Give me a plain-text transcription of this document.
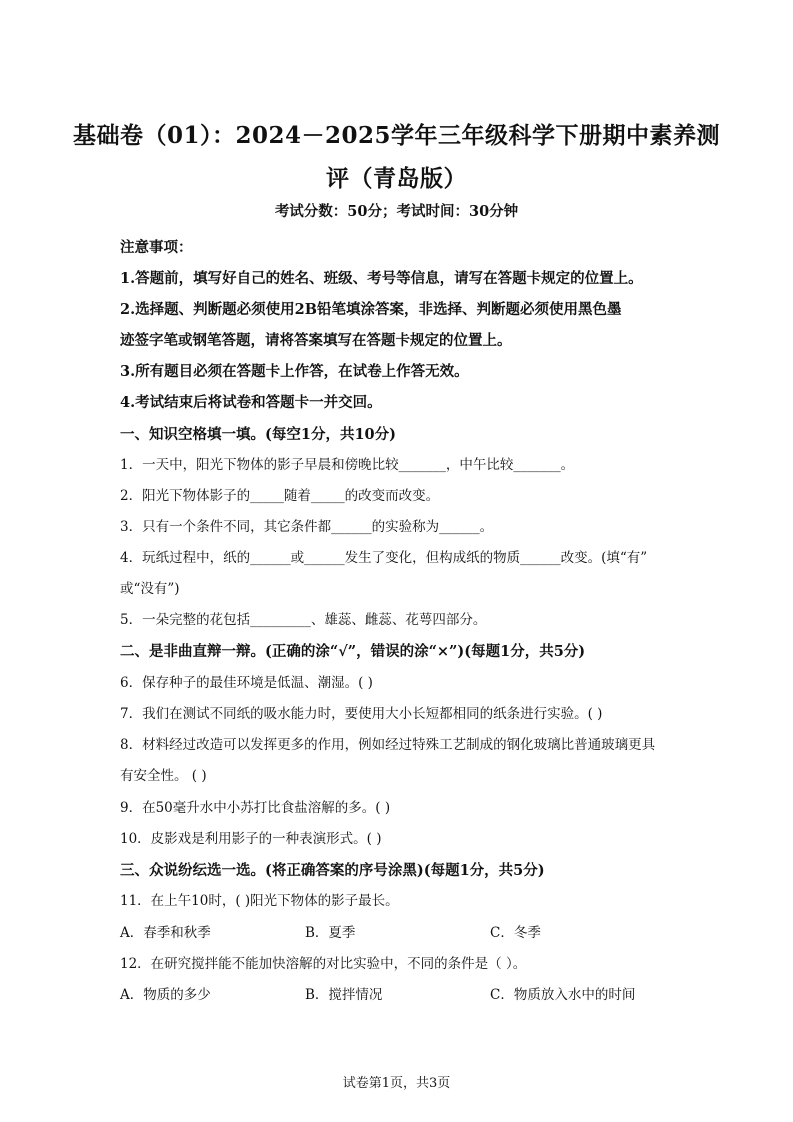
基础卷（01）：2024－2025学年三年级科学下册期中素养测
评（青岛版）
考试分数：50分；考试时间：30分钟
注意事项：
1.答题前，填写好自己的姓名、班级、考号等信息，请写在答题卡规定的位置上。
2.选择题、判断题必须使用2B铅笔填涂答案，非选择、判断题必须使用黑色墨
迹签字笔或钢笔答题，请将答案填写在答题卡规定的位置上。
3.所有题目必须在答题卡上作答，在试卷上作答无效。
4.考试结束后将试卷和答题卡一并交回。
一、知识空格填一填。(每空1分，共10分)
1．一天中，阳光下物体的影子早晨和傍晚比较_______，中午比较_______。
2．阳光下物体影子的_____随着_____的改变而改变。
3．只有一个条件不同，其它条件都______的实验称为______。
4．玩纸过程中，纸的______或______发生了变化，但构成纸的物质______改变。(填“有”
或“没有”)
5．一朵完整的花包括_________、雄蕊、雌蕊、花萼四部分。
二、是非曲直辩一辩。(正确的涂“√”，错误的涂“×”)(每题1分，共5分)
6．保存种子的最佳环境是低温、潮湿。( )
7．我们在测试不同纸的吸水能力时，要使用大小长短都相同的纸条进行实验。( )
8．材料经过改造可以发挥更多的作用，例如经过特殊工艺制成的钢化玻璃比普通玻璃更具
有安全性。 ( )
9．在50毫升水中小苏打比食盐溶解的多。( )
10．皮影戏是利用影子的一种表演形式。( )
三、众说纷纭选一选。(将正确答案的序号涂黑)(每题1分，共5分)
11．在上午10时，( )阳光下物体的影子最长。
A．春季和秋季	B．夏季	C．冬季
12．在研究搅拌能不能加快溶解的对比实验中，不同的条件是（ ）。
A．物质的多少	B．搅拌情况	C．物质放入水中的时间
试卷第1页，共3页
